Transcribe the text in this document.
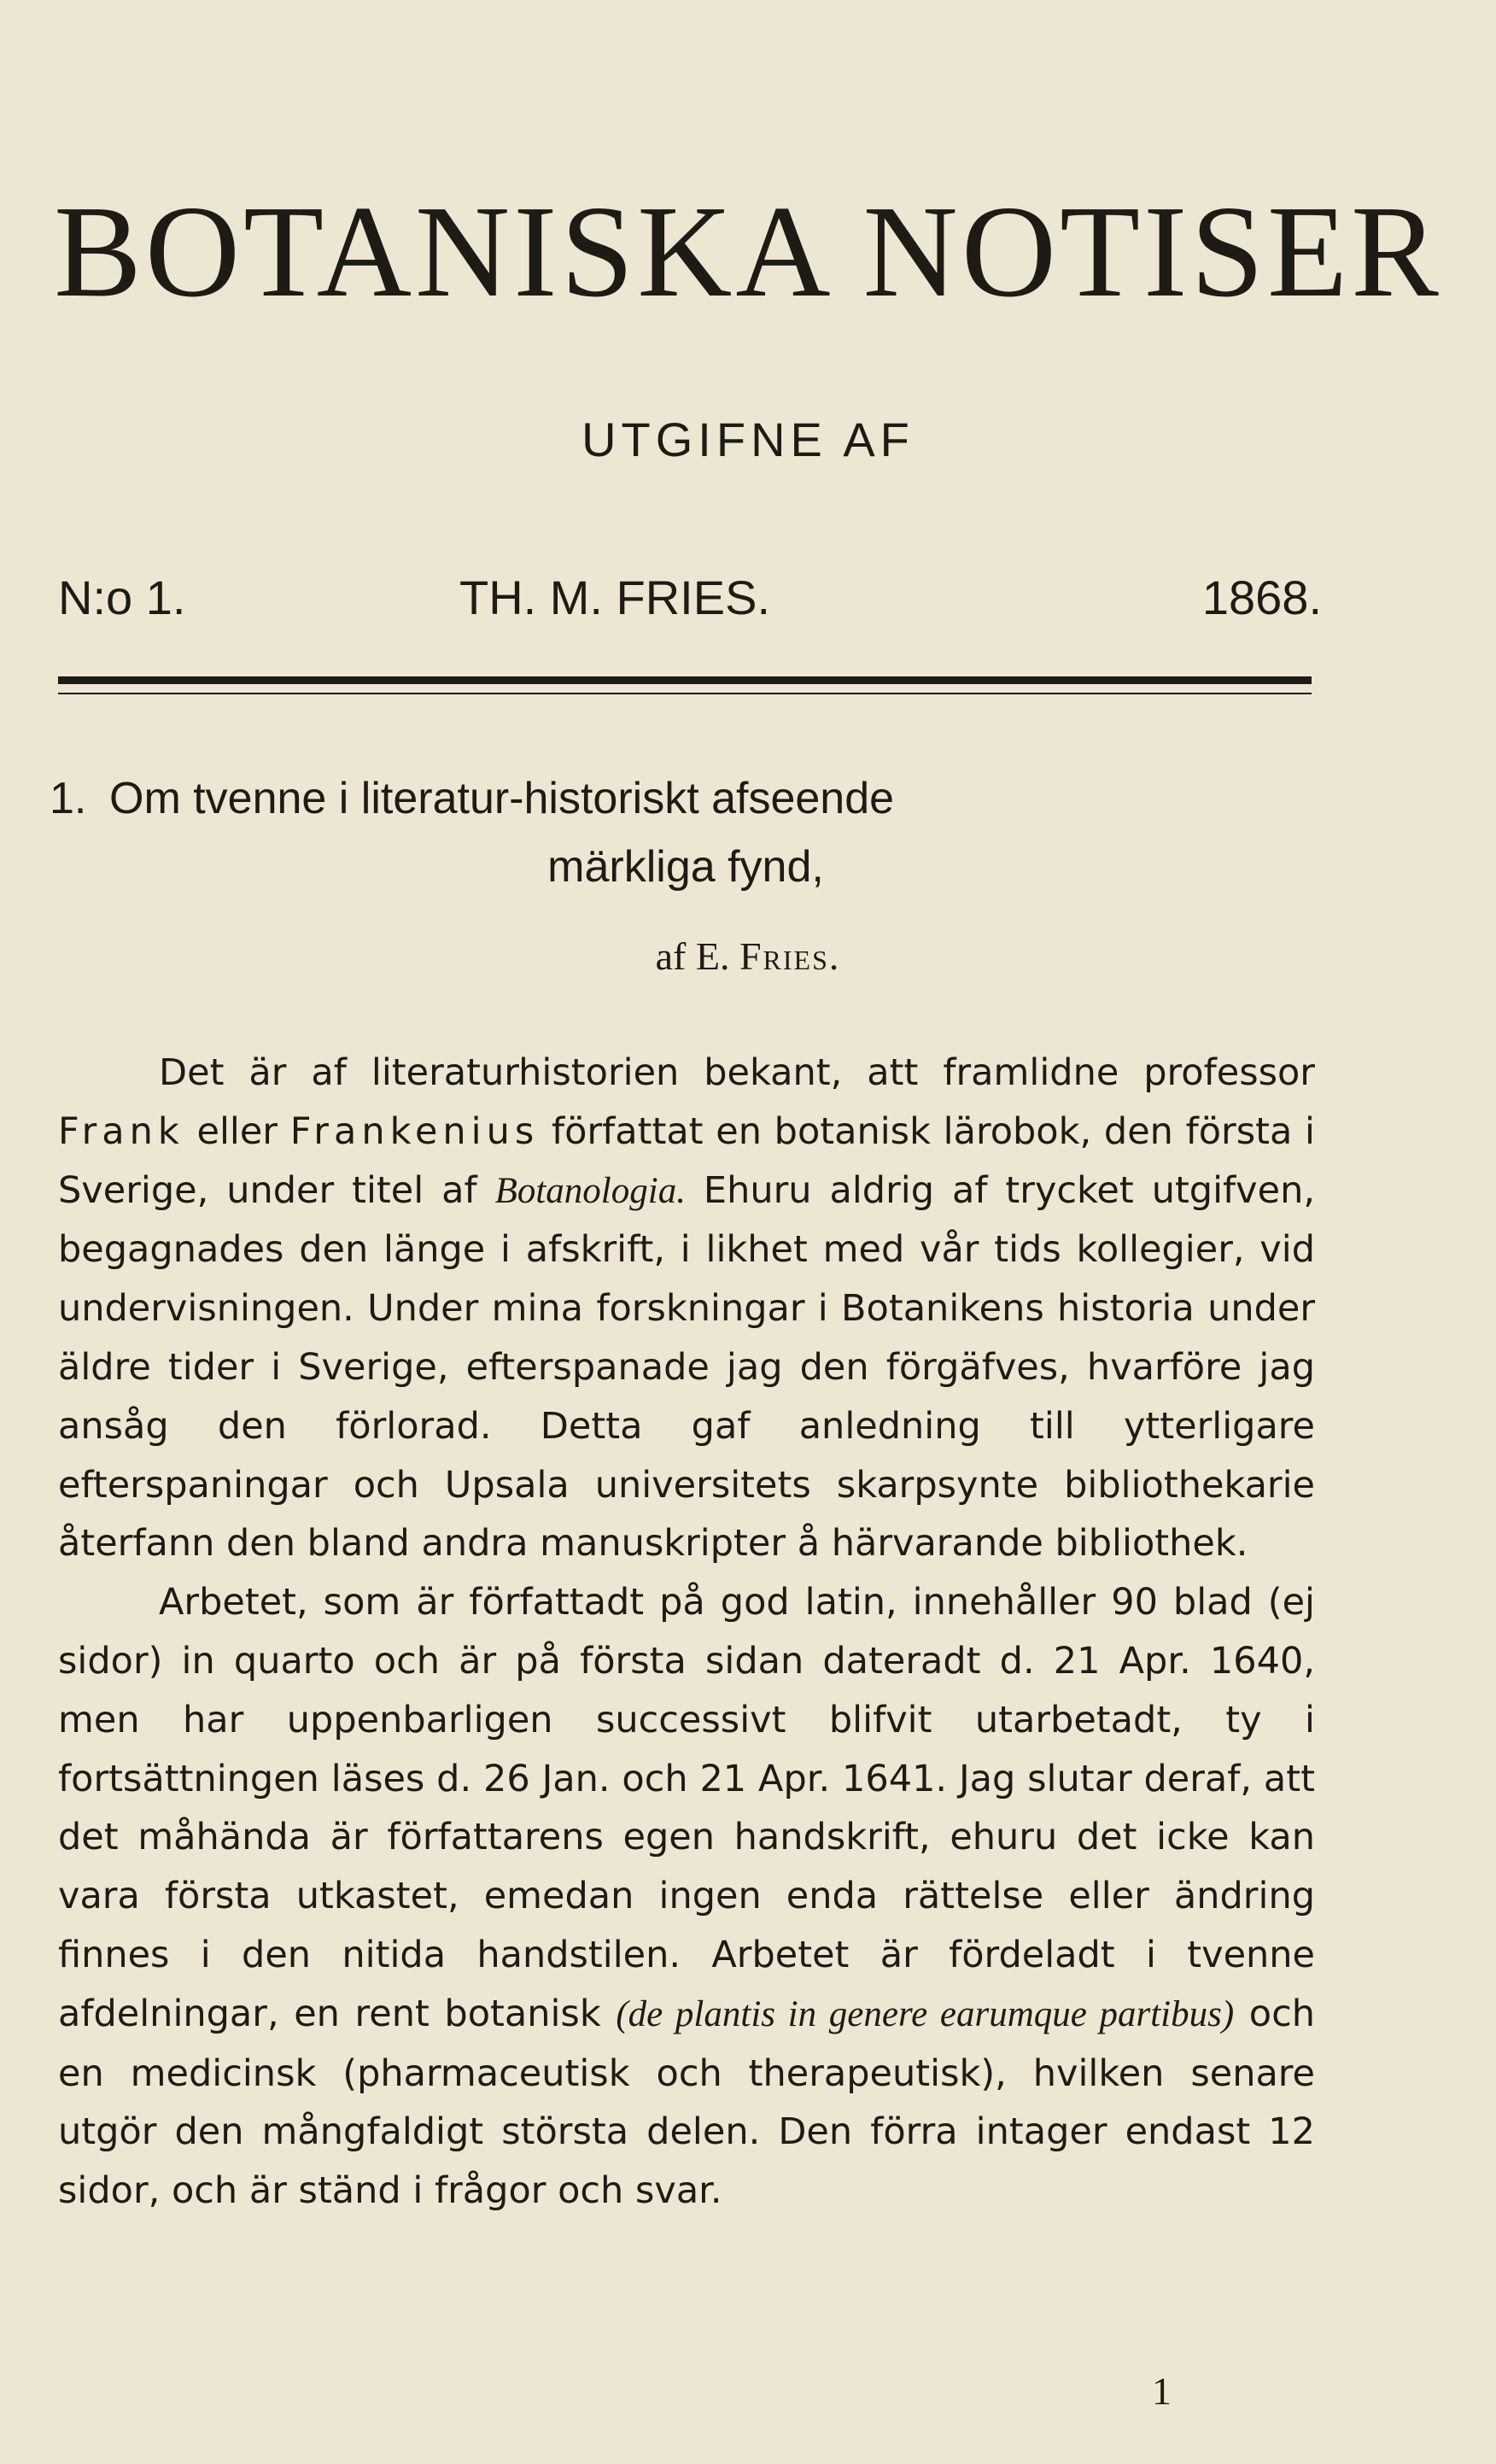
BOTANISKA NOTISER
UTGIFNE AF
N:o 1.	TH. M. FRIES.	1868.
1. Om tvenne i literatur-historiskt afseende
märkliga fynd,
af E. Fries.

Det är af literaturhistorien bekant, att framlidne professor Frank eller Frankenius författat en botanisk lärobok, den första i Sverige, under titel af Botanologia. Ehuru aldrig af trycket utgifven, begagnades den länge i afskrift, i likhet med vår tids kollegier, vid undervisningen. Under mina forskningar i Botanikens historia under äldre tider i Sverige, efterspanade jag den förgäfves, hvarföre jag ansåg den förlorad. Detta gaf anledning till ytterligare efterspaningar och Upsala universitets skarpsynte bibliothekarie återfann den bland andra manuskripter å härvarande bibliothek.

Arbetet, som är författadt på god latin, innehåller 90 blad (ej sidor) in quarto och är på första sidan dateradt d. 21 Apr. 1640, men har uppenbarligen successivt blifvit utarbetadt, ty i fortsättningen läses d. 26 Jan. och 21 Apr. 1641. Jag slutar deraf, att det måhända är författarens egen handskrift, ehuru det icke kan vara första utkastet, emedan ingen enda rättelse eller ändring finnes i den nitida handstilen. Arbetet är fördeladt i tvenne afdelningar, en rent botanisk (de plantis in genere earumque partibus) och en medicinsk (pharmaceutisk och therapeutisk), hvilken senare utgör den mångfaldigt största delen. Den förra intager endast 12 sidor, och är ständ i frågor och svar.

1
